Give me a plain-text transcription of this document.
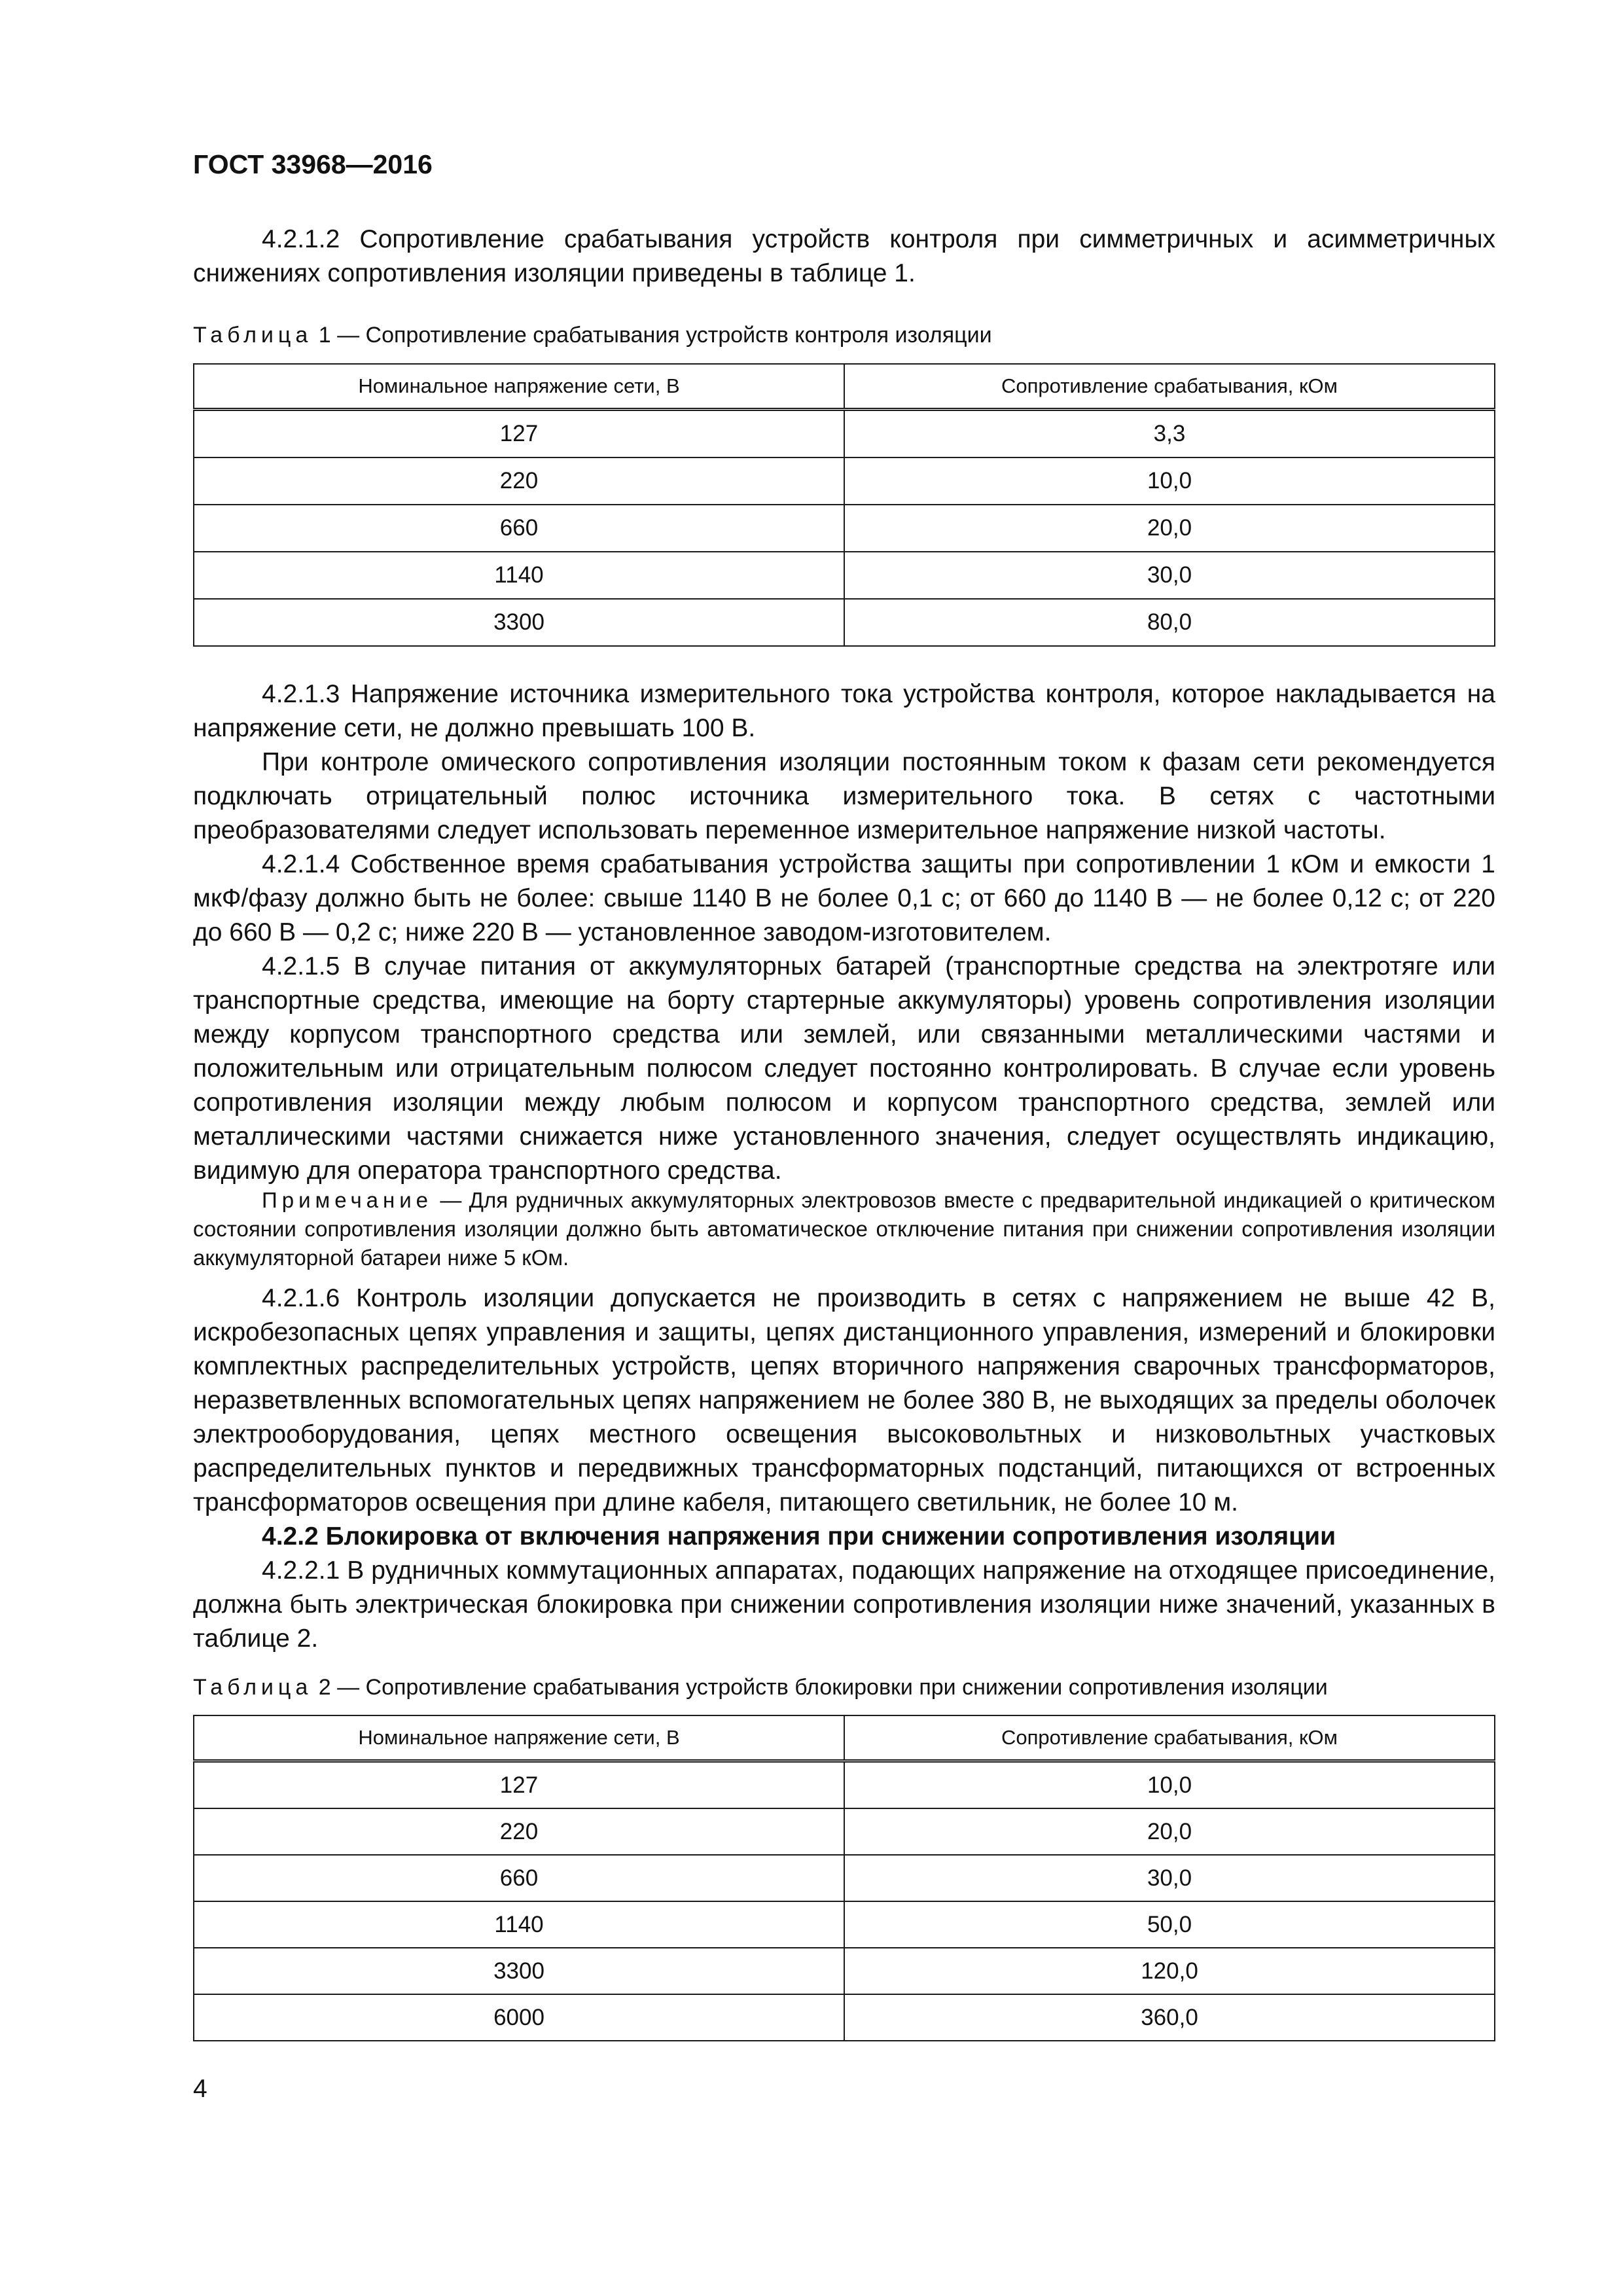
ГОСТ 33968—2016

4.2.1.2 Сопротивление срабатывания устройств контроля при симметричных и асимметричных снижениях сопротивления изоляции приведены в таблице 1.

Таблица 1 — Сопротивление срабатывания устройств контроля изоляции
Номинальное напряжение сети, В	Сопротивление срабатывания, кОм
127	3,3
220	10,0
660	20,0
1140	30,0
3300	80,0

4.2.1.3 Напряжение источника измерительного тока устройства контроля, которое накладывается на напряжение сети, не должно превышать 100 В.

При контроле омического сопротивления изоляции постоянным током к фазам сети рекомендуется подключать отрицательный полюс источника измерительного тока. В сетях с частотными преобразователями следует использовать переменное измерительное напряжение низкой частоты.

4.2.1.4 Собственное время срабатывания устройства защиты при сопротивлении 1 кОм и емкости 1 мкФ/фазу должно быть не более: свыше 1140 В не более 0,1 с; от 660 до 1140 В — не более 0,12 с; от 220 до 660 В — 0,2 с; ниже 220 В — установленное заводом-изготовителем.

4.2.1.5 В случае питания от аккумуляторных батарей (транспортные средства на электротяге или транспортные средства, имеющие на борту стартерные аккумуляторы) уровень сопротивления изоляции между корпусом транспортного средства или землей, или связанными металлическими частями и положительным или отрицательным полюсом следует постоянно контролировать. В случае если уровень сопротивления изоляции между любым полюсом и корпусом транспортного средства, землей или металлическими частями снижается ниже установленного значения, следует осуществлять индикацию, видимую для оператора транспортного средства.

Примечание — Для рудничных аккумуляторных электровозов вместе с предварительной индикацией о критическом состоянии сопротивления изоляции должно быть автоматическое отключение питания при снижении сопротивления изоляции аккумуляторной батареи ниже 5 кОм.

4.2.1.6 Контроль изоляции допускается не производить в сетях с напряжением не выше 42 В, искробезопасных цепях управления и защиты, цепях дистанционного управления, измерений и блокировки комплектных распределительных устройств, цепях вторичного напряжения сварочных трансформаторов, неразветвленных вспомогательных цепях напряжением не более 380 В, не выходящих за пределы оболочек электрооборудования, цепях местного освещения высоковольтных и низковольтных участковых распределительных пунктов и передвижных трансформаторных подстанций, питающихся от встроенных трансформаторов освещения при длине кабеля, питающего светильник, не более 10 м.

4.2.2 Блокировка от включения напряжения при снижении сопротивления изоляции

4.2.2.1 В рудничных коммутационных аппаратах, подающих напряжение на отходящее присоединение, должна быть электрическая блокировка при снижении сопротивления изоляции ниже значений, указанных в таблице 2.

Таблица 2 — Сопротивление срабатывания устройств блокировки при снижении сопротивления изоляции
Номинальное напряжение сети, В	Сопротивление срабатывания, кОм
127	10,0
220	20,0
660	30,0
1140	50,0
3300	120,0
6000	360,0
4
